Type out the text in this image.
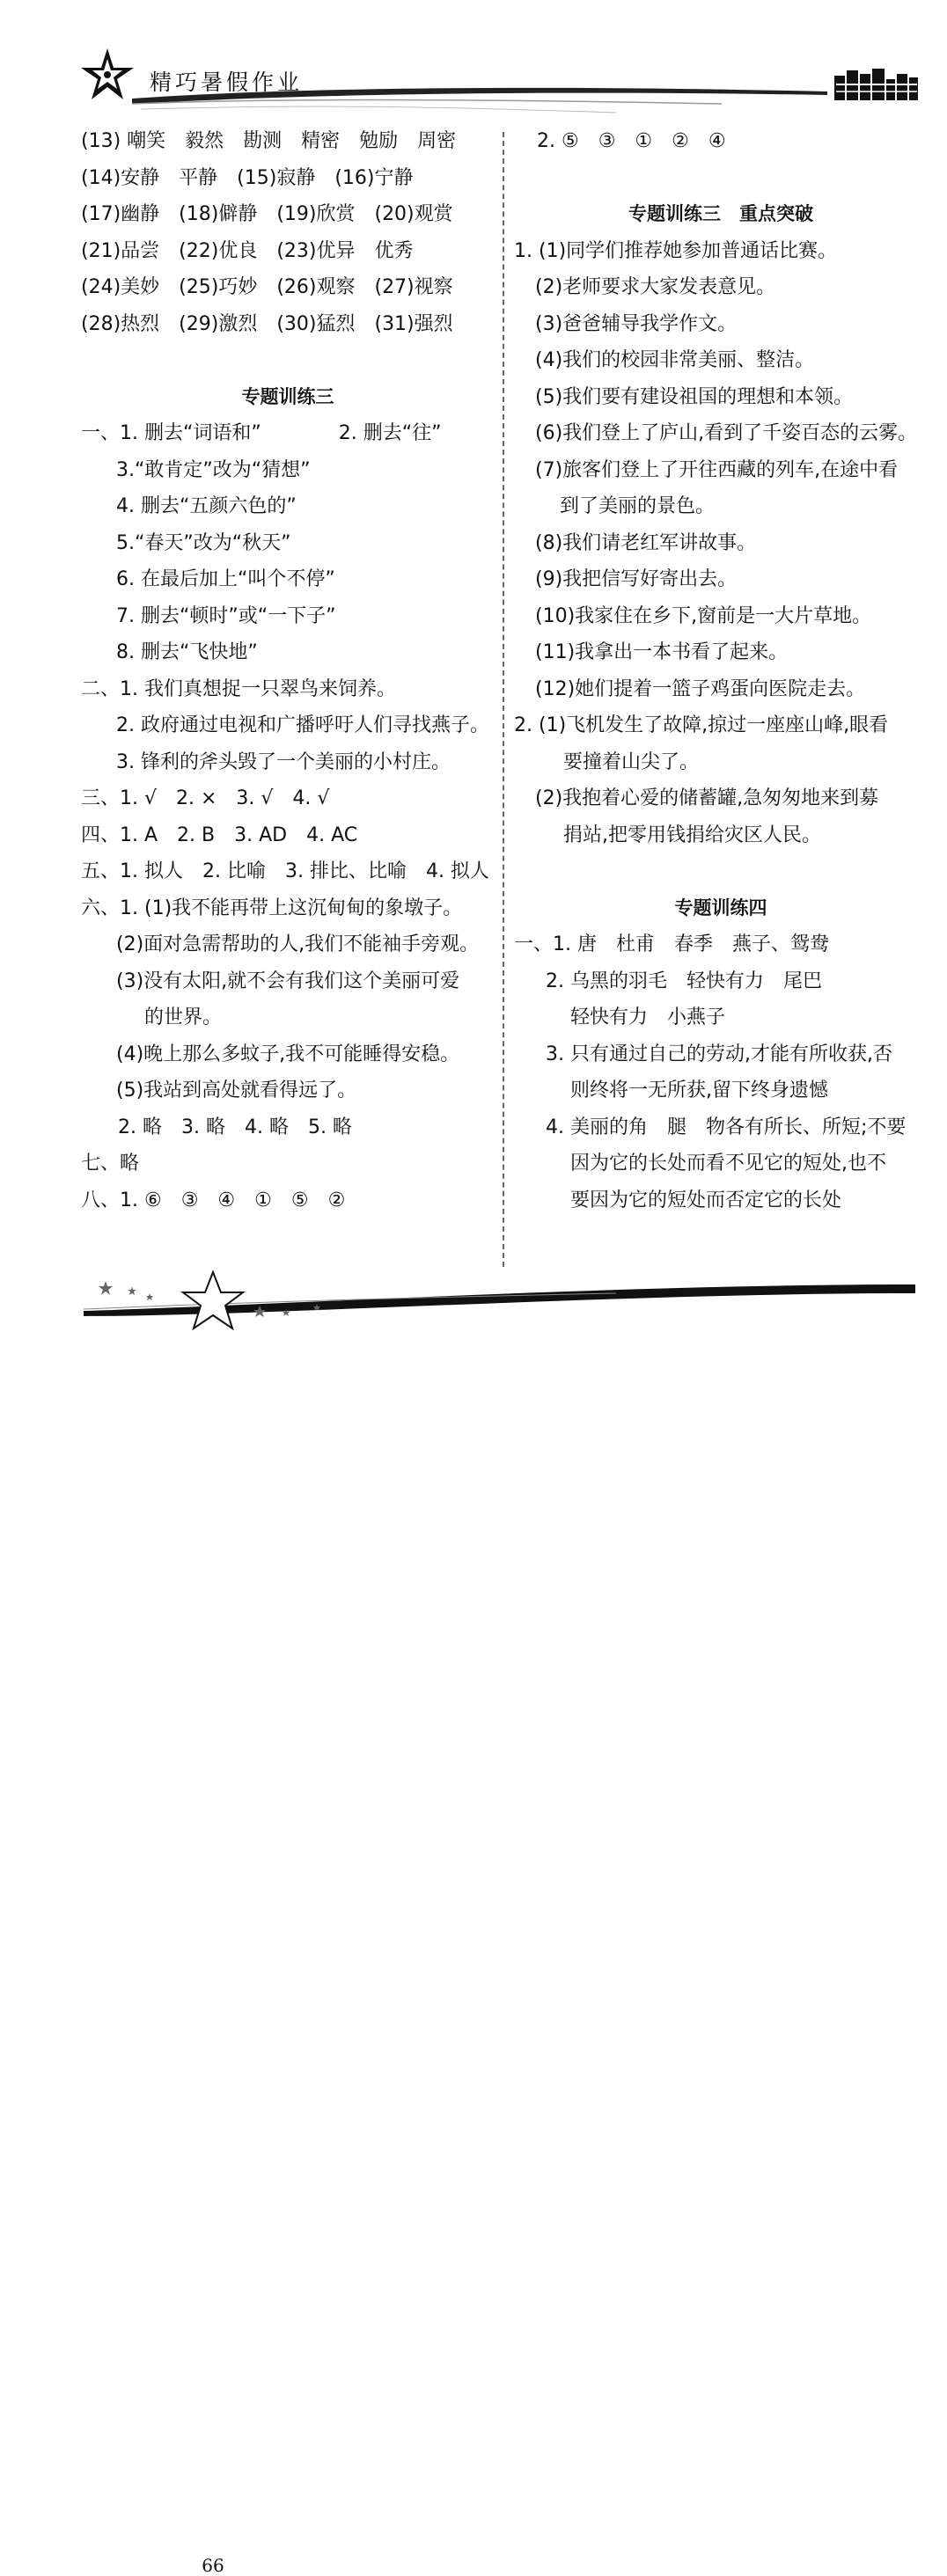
精巧暑假作业
(13) 嘲笑　毅然　勘测　精密　勉励　周密
(14)安静　平静　(15)寂静　(16)宁静
(17)幽静　(18)僻静　(19)欣赏　(20)观赏
(21)品尝　(22)优良　(23)优异　优秀
(24)美妙　(25)巧妙　(26)观察　(27)视察
(28)热烈　(29)激烈　(30)猛烈　(31)强烈
专题训练三
一、1. 删去“词语和”　　　　2. 删去“往”
3.“敢肯定”改为“猜想”
4. 删去“五颜六色的”
5.“春天”改为“秋天”
6. 在最后加上“叫个不停”
7. 删去“顿时”或“一下子”
8. 删去“飞快地”
二、1. 我们真想捉一只翠鸟来饲养。
2. 政府通过电视和广播呼吁人们寻找燕子。
3. 锋利的斧头毁了一个美丽的小村庄。
三、1. √　2. ×　3. √　4. √
四、1. A　2. B　3. AD　4. AC
五、1. 拟人　2. 比喻　3. 排比、比喻　4. 拟人
六、1. (1)我不能再带上这沉甸甸的象墩子。
(2)面对急需帮助的人,我们不能袖手旁观。
(3)没有太阳,就不会有我们这个美丽可爱
的世界。
(4)晚上那么多蚊子,我不可能睡得安稳。
(5)我站到高处就看得远了。
2. 略　3. 略　4. 略　5. 略
七、略
八、1. ⑥　③　④　①　⑤　②
2. ⑤　③　①　②　④
专题训练三　重点突破
1. (1)同学们推荐她参加普通话比赛。
(2)老师要求大家发表意见。
(3)爸爸辅导我学作文。
(4)我们的校园非常美丽、整洁。
(5)我们要有建设祖国的理想和本领。
(6)我们登上了庐山,看到了千姿百态的云雾。
(7)旅客们登上了开往西藏的列车,在途中看
到了美丽的景色。
(8)我们请老红军讲故事。
(9)我把信写好寄出去。
(10)我家住在乡下,窗前是一大片草地。
(11)我拿出一本书看了起来。
(12)她们提着一篮子鸡蛋向医院走去。
2. (1)飞机发生了故障,掠过一座座山峰,眼看
要撞着山尖了。
(2)我抱着心爱的储蓄罐,急匆匆地来到募
捐站,把零用钱捐给灾区人民。
专题训练四
一、1. 唐　杜甫　春季　燕子、鸳鸯
2. 乌黑的羽毛　轻快有力　尾巴
轻快有力　小燕子
3. 只有通过自己的劳动,才能有所收获,否
则终将一无所获,留下终身遗憾
4. 美丽的角　腿　物各有所长、所短;不要
因为它的长处而看不见它的短处,也不
要因为它的短处而否定它的长处
66
